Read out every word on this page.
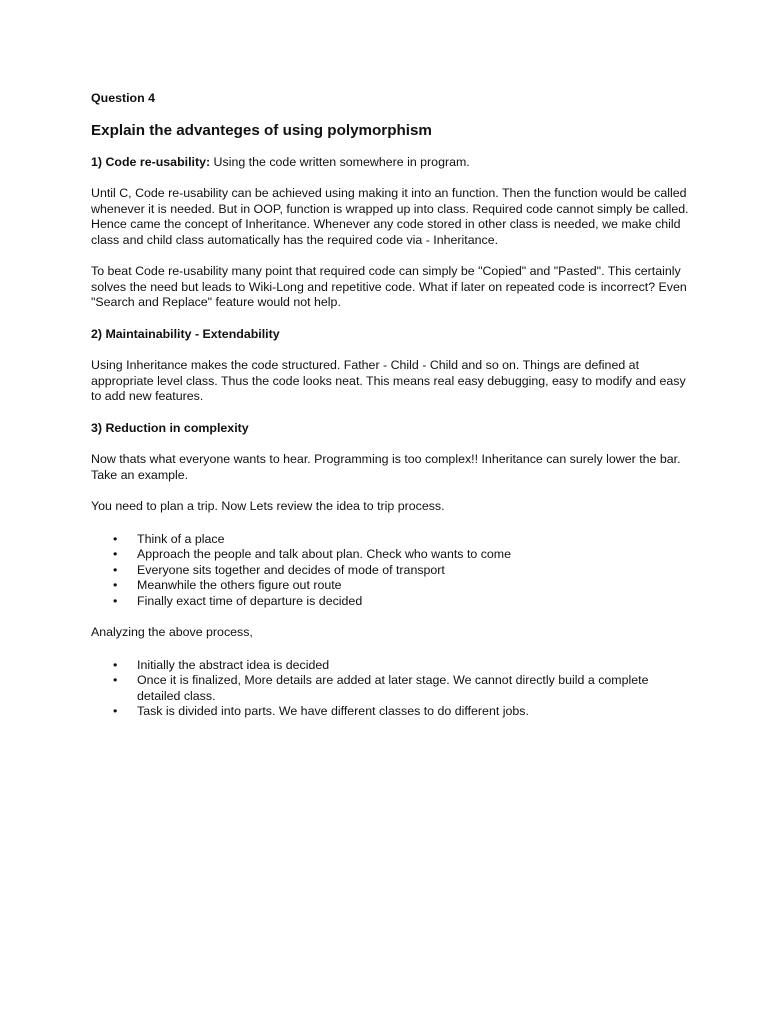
Question 4

Explain the advanteges of using polymorphism

1) Code re-usability: Using the code written somewhere in program.

Until C, Code re-usability can be achieved using making it into an function. Then the function would be called whenever it is needed. But in OOP, function is wrapped up into class. Required code cannot simply be called. Hence came the concept of Inheritance. Whenever any code stored in other class is needed, we make child class and child class automatically has the required code via - Inheritance.

To beat Code re-usability many point that required code can simply be "Copied" and "Pasted". This certainly solves the need but leads to Wiki-Long and repetitive code. What if later on repeated code is incorrect? Even "Search and Replace" feature would not help.

2) Maintainability - Extendability

Using Inheritance makes the code structured. Father - Child - Child and so on. Things are defined at appropriate level class. Thus the code looks neat. This means real easy debugging, easy to modify and easy to add new features.

3) Reduction in complexity

Now thats what everyone wants to hear. Programming is too complex!! Inheritance can surely lower the bar. Take an example.

You need to plan a trip. Now Lets review the idea to trip process.

• Think of a place
• Approach the people and talk about plan. Check who wants to come
• Everyone sits together and decides of mode of transport
• Meanwhile the others figure out route
• Finally exact time of departure is decided

Analyzing the above process,

• Initially the abstract idea is decided
• Once it is finalized, More details are added at later stage. We cannot directly build a complete detailed class.
• Task is divided into parts. We have different classes to do different jobs.
